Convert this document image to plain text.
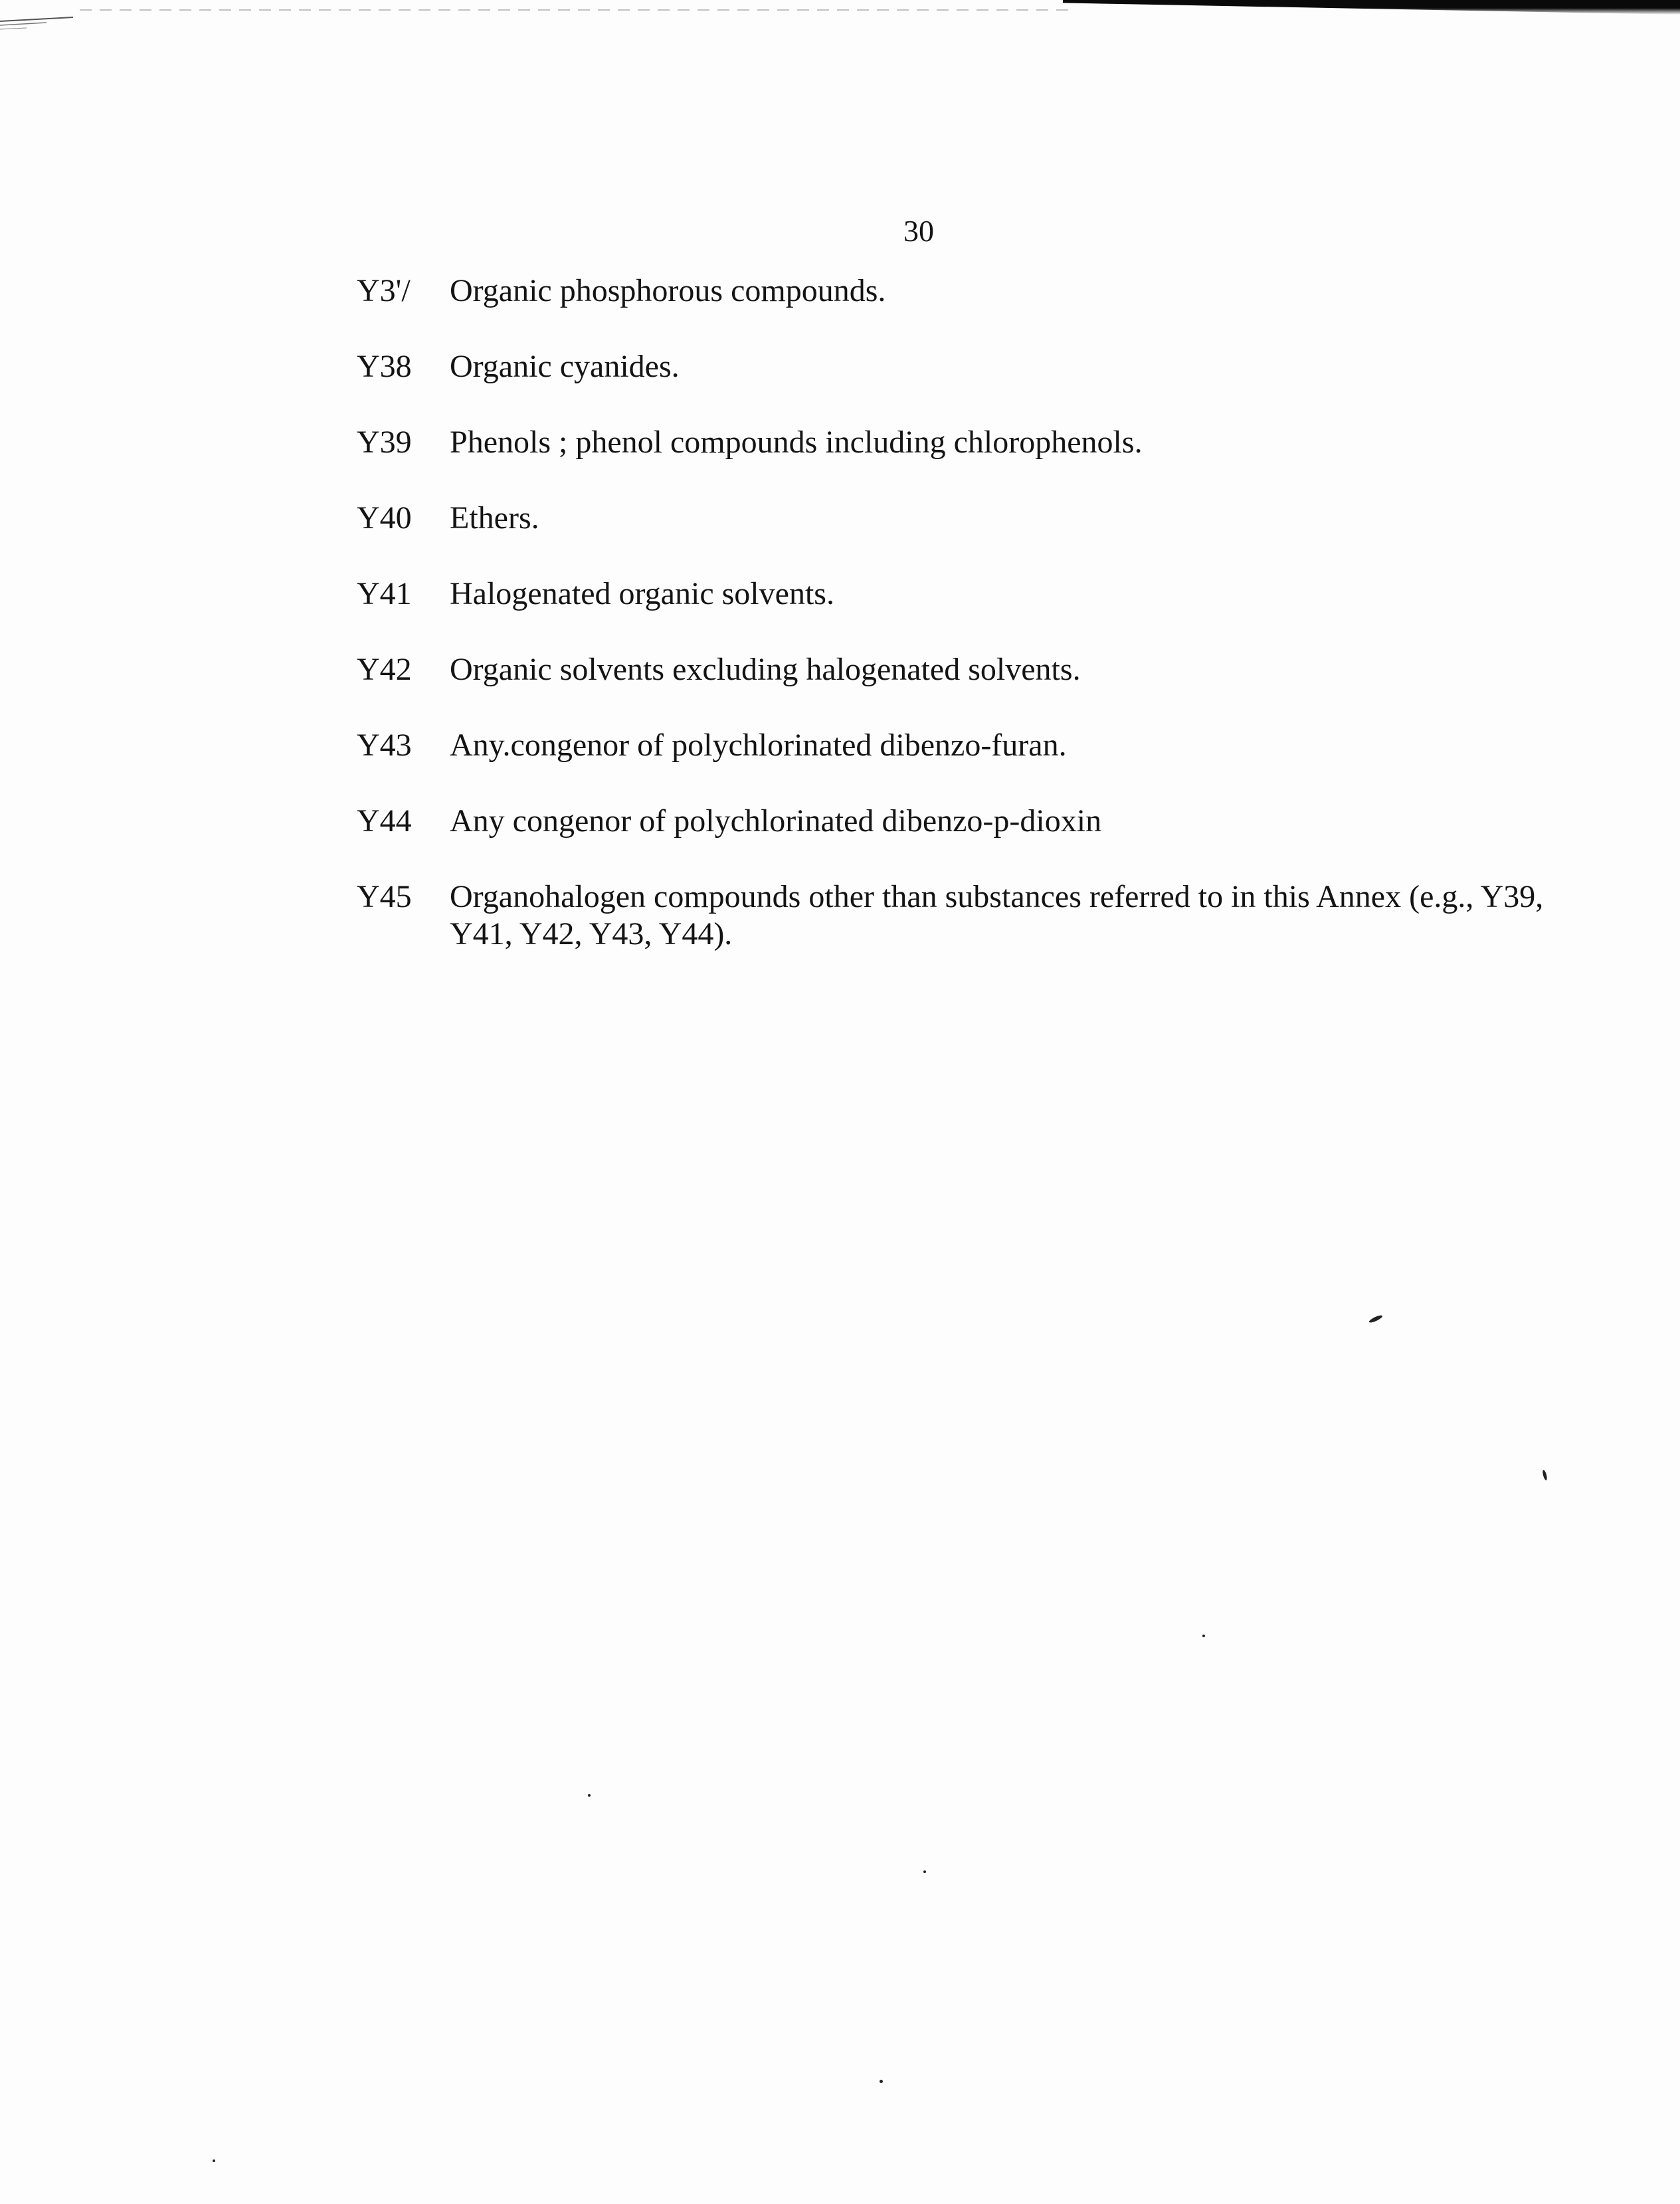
30
Y3'/	Organic phosphorous compounds.
Y38	Organic cyanides.
Y39	Phenols ; phenol compounds including chlorophenols.
Y40	Ethers.
Y41	Halogenated organic solvents.
Y42	Organic solvents excluding halogenated solvents.
Y43	Any.congenor of polychlorinated dibenzo-furan.
Y44	Any congenor of polychlorinated dibenzo-p-dioxin
Y45	Organohalogen compounds other than substances referred to in this Annex (e.g., Y39, Y41, Y42, Y43, Y44).
